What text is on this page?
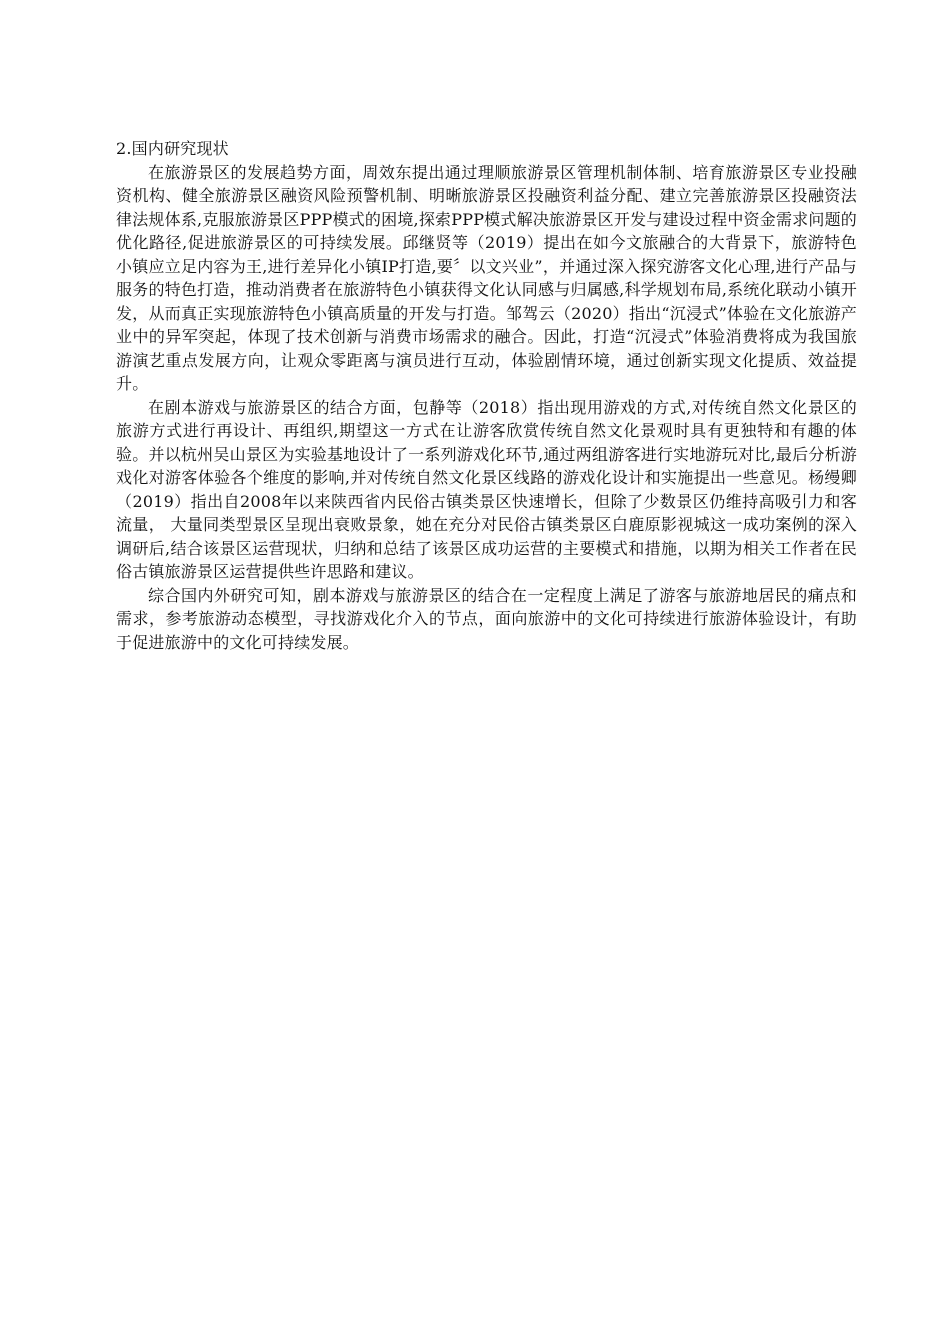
2.国内研究现状

在旅游景区的发展趋势方面，周效东提出通过理顺旅游景区管理机制体制、培育旅游景区专业投融资机构、健全旅游景区融资风险预警机制、明晰旅游景区投融资利益分配、建立完善旅游景区投融资法律法规体系,克服旅游景区PPP模式的困境,探索PPP模式解决旅游景区开发与建设过程中资金需求问题的优化路径,促进旅游景区的可持续发展。邱继贤等（2019）提出在如今文旅融合的大背景下，旅游特色小镇应立足内容为王,进行差异化小镇IP打造,要〞以文兴业”，并通过深入探究游客文化心理,进行产品与服务的特色打造，推动消费者在旅游特色小镇获得文化认同感与归属感,科学规划布局,系统化联动小镇开发，从而真正实现旅游特色小镇高质量的开发与打造。邹驾云（2020）指出“沉浸式”体验在文化旅游产业中的异军突起，体现了技术创新与消费市场需求的融合。因此，打造“沉浸式”体验消费将成为我国旅游演艺重点发展方向，让观众零距离与演员进行互动，体验剧情环境，通过创新实现文化提质、效益提升。

在剧本游戏与旅游景区的结合方面，包静等（2018）指出现用游戏的方式,对传统自然文化景区的旅游方式进行再设计、再组织,期望这一方式在让游客欣赏传统自然文化景观时具有更独特和有趣的体验。并以杭州吴山景区为实验基地设计了一系列游戏化环节,通过两组游客进行实地游玩对比,最后分析游戏化对游客体验各个维度的影响,并对传统自然文化景区线路的游戏化设计和实施提出一些意见。杨缦卿（2019）指出自2008年以来陕西省内民俗古镇类景区快速增长，但除了少数景区仍维持高吸引力和客流量， 大量同类型景区呈现出衰败景象，她在充分对民俗古镇类景区白鹿原影视城这一成功案例的深入调研后,结合该景区运营现状，归纳和总结了该景区成功运营的主要模式和措施，以期为相关工作者在民俗古镇旅游景区运营提供些许思路和建议。

综合国内外研究可知，剧本游戏与旅游景区的结合在一定程度上满足了游客与旅游地居民的痛点和需求，参考旅游动态模型，寻找游戏化介入的节点，面向旅游中的文化可持续进行旅游体验设计，有助于促进旅游中的文化可持续发展。
